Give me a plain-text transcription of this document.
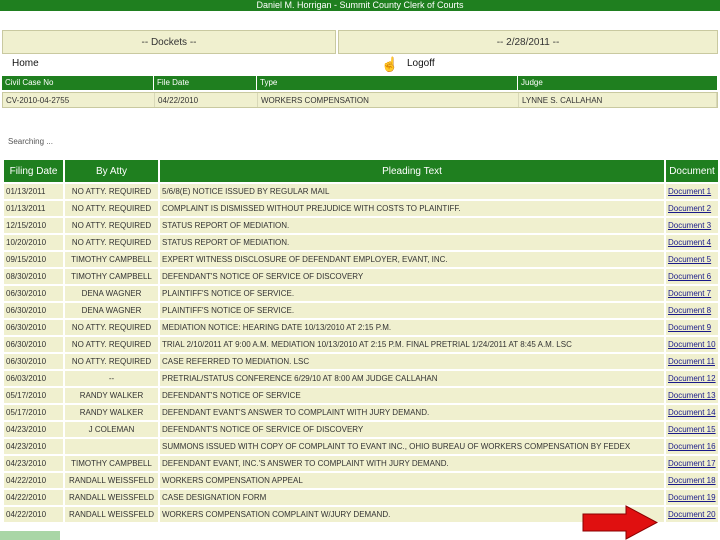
Daniel M. Horrigan - Summit County Clerk of Courts
-- Dockets --	-- 2/28/2011 --
Home	☝ Logoff
Civil Case No	File Date	Type	Judge
CV-2010-04-2755	04/22/2010	WORKERS COMPENSATION	LYNNE S. CALLAHAN
Searching ...
Filing Date	By Atty	Pleading Text	Document
01/13/2011	NO ATTY. REQUIRED	5/6/8(E) NOTICE ISSUED BY REGULAR MAIL	Document 1
01/13/2011	NO ATTY. REQUIRED	COMPLAINT IS DISMISSED WITHOUT PREJUDICE WITH COSTS TO PLAINTIFF.	Document 2
12/15/2010	NO ATTY. REQUIRED	STATUS REPORT OF MEDIATION.	Document 3
10/20/2010	NO ATTY. REQUIRED	STATUS REPORT OF MEDIATION.	Document 4
09/15/2010	TIMOTHY CAMPBELL	EXPERT WITNESS DISCLOSURE OF DEFENDANT EMPLOYER, EVANT, INC.	Document 5
08/30/2010	TIMOTHY CAMPBELL	DEFENDANT'S NOTICE OF SERVICE OF DISCOVERY	Document 6
06/30/2010	DENA WAGNER	PLAINTIFF'S NOTICE OF SERVICE.	Document 7
06/30/2010	DENA WAGNER	PLAINTIFF'S NOTICE OF SERVICE.	Document 8
06/30/2010	NO ATTY. REQUIRED	MEDIATION NOTICE: HEARING DATE 10/13/2010 AT 2:15 P.M.	Document 9
06/30/2010	NO ATTY. REQUIRED	TRIAL 2/10/2011 AT 9:00 A.M. MEDIATION 10/13/2010 AT 2:15 P.M. FINAL PRETRIAL 1/24/2011 AT 8:45 A.M. LSC	Document 10
06/30/2010	NO ATTY. REQUIRED	CASE REFERRED TO MEDIATION. LSC	Document 11
06/03/2010	--	PRETRIAL/STATUS CONFERENCE 6/29/10 AT 8:00 AM JUDGE CALLAHAN	Document 12
05/17/2010	RANDY WALKER	DEFENDANT'S NOTICE OF SERVICE	Document 13
05/17/2010	RANDY WALKER	DEFENDANT EVANT'S ANSWER TO COMPLAINT WITH JURY DEMAND.	Document 14
04/23/2010	J COLEMAN	DEFENDANT'S NOTICE OF SERVICE OF DISCOVERY	Document 15
04/23/2010		SUMMONS ISSUED WITH COPY OF COMPLAINT TO EVANT INC., OHIO BUREAU OF WORKERS COMPENSATION BY FEDEX	Document 16
04/23/2010	TIMOTHY CAMPBELL	DEFENDANT EVANT, INC.'S ANSWER TO COMPLAINT WITH JURY DEMAND.	Document 17
04/22/2010	RANDALL WEISSFELD	WORKERS COMPENSATION APPEAL	Document 18
04/22/2010	RANDALL WEISSFELD	CASE DESIGNATION FORM	Document 19
04/22/2010	RANDALL WEISSFELD	WORKERS COMPENSATION COMPLAINT W/JURY DEMAND.	Document 20
